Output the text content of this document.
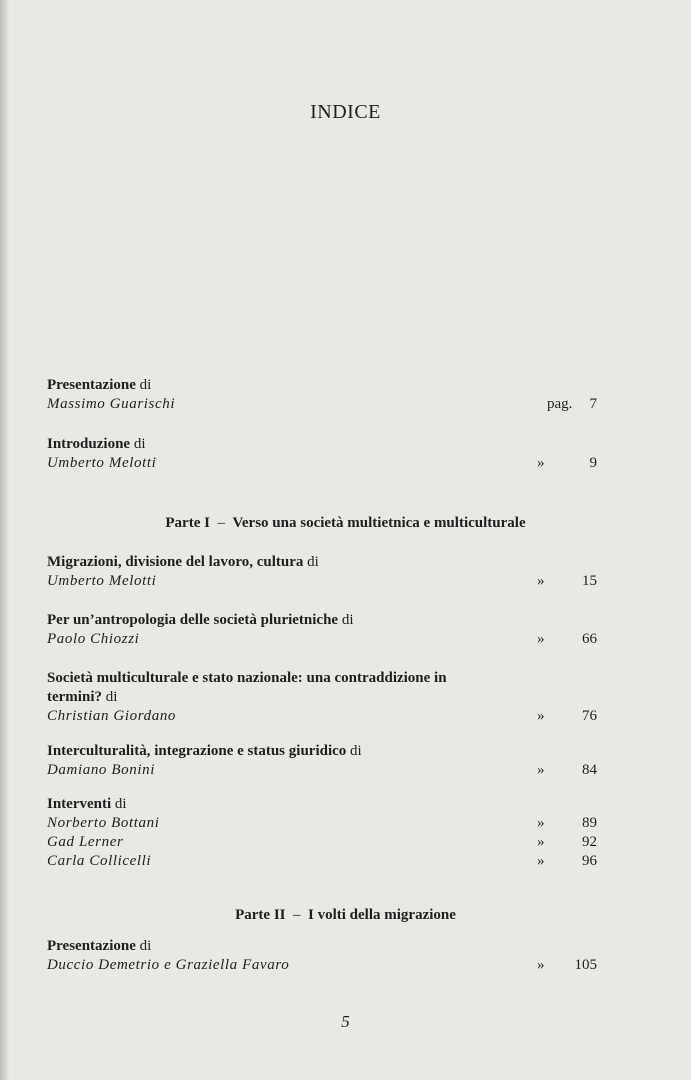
INDICE
Presentazione di
Massimo Guarischi	pag. 7
Introduzione di
Umberto Melotti	»	9
Parte I – Verso una società multietnica e multiculturale
Migrazioni, divisione del lavoro, cultura di
Umberto Melotti	»	15
Per un’antropologia delle società plurietniche di
Paolo Chiozzi	»	66
Società multiculturale e stato nazionale: una contraddizione in
termini? di
Christian Giordano	»	76
Interculturalità, integrazione e status giuridico di
Damiano Bonini	»	84
Interventi di
Norberto Bottani	»	89
Gad Lerner	»	92
Carla Collicelli	»	96
Parte II – I volti della migrazione
Presentazione di
Duccio Demetrio e Graziella Favaro	» 105
5
